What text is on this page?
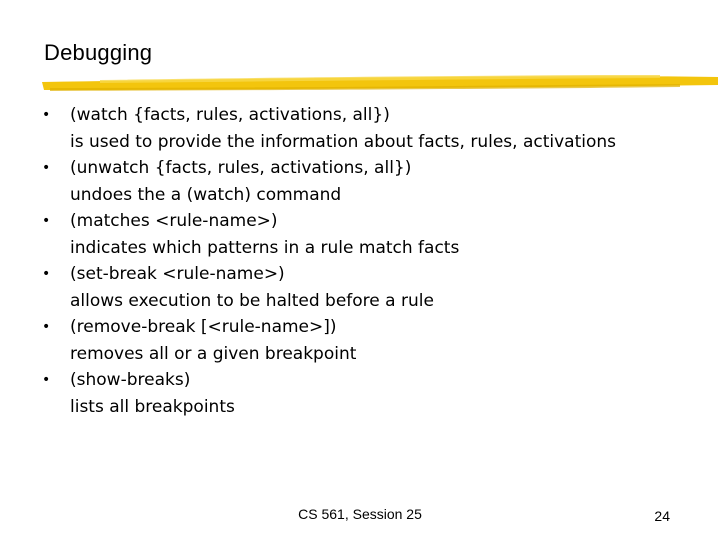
Debugging
•	(watch {facts, rules, activations, all})
is used to provide the information about facts, rules, activations
•	(unwatch {facts, rules, activations, all})
undoes the a (watch) command
•	(matches <rule-name>)
indicates which patterns in a rule match facts
•	(set-break <rule-name>)
allows execution to be halted before a rule
•	(remove-break [<rule-name>])
removes all or a given breakpoint
•	(show-breaks)
lists all breakpoints
CS 561, Session 25	24
